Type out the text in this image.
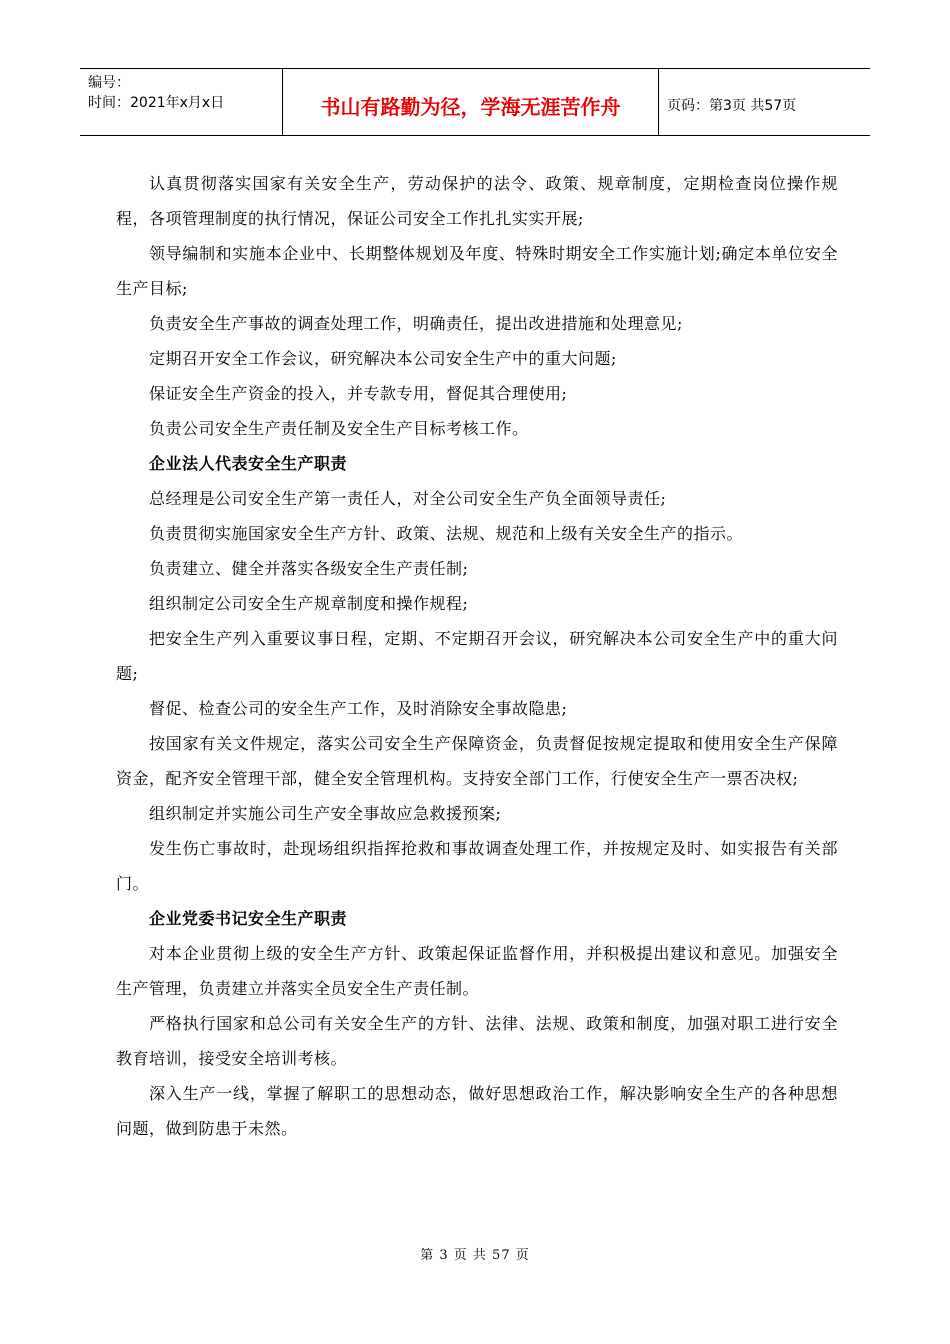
编号：
时间：2021年x月x日	书山有路勤为径，学海无涯苦作舟	页码：第3页 共57页

认真贯彻落实国家有关安全生产，劳动保护的法令、政策、规章制度，定期检查岗位操作规程，各项管理制度的执行情况，保证公司安全工作扎扎实实开展;

领导编制和实施本企业中、长期整体规划及年度、特殊时期安全工作实施计划;确定本单位安全生产目标;

负责安全生产事故的调查处理工作，明确责任，提出改进措施和处理意见;

定期召开安全工作会议，研究解决本公司安全生产中的重大问题;

保证安全生产资金的投入，并专款专用，督促其合理使用;

负责公司安全生产责任制及安全生产目标考核工作。

企业法人代表安全生产职责

总经理是公司安全生产第一责任人，对全公司安全生产负全面领导责任;

负责贯彻实施国家安全生产方针、政策、法规、规范和上级有关安全生产的指示。

负责建立、健全并落实各级安全生产责任制;

组织制定公司安全生产规章制度和操作规程;

把安全生产列入重要议事日程，定期、不定期召开会议，研究解决本公司安全生产中的重大问题;

督促、检查公司的安全生产工作，及时消除安全事故隐患;

按国家有关文件规定，落实公司安全生产保障资金，负责督促按规定提取和使用安全生产保障资金，配齐安全管理干部，健全安全管理机构。支持安全部门工作，行使安全生产一票否决权;

组织制定并实施公司生产安全事故应急救援预案;

发生伤亡事故时，赴现场组织指挥抢救和事故调查处理工作，并按规定及时、如实报告有关部门。

企业党委书记安全生产职责

对本企业贯彻上级的安全生产方针、政策起保证监督作用，并积极提出建议和意见。加强安全生产管理，负责建立并落实全员安全生产责任制。

严格执行国家和总公司有关安全生产的方针、法律、法规、政策和制度，加强对职工进行安全教育培训，接受安全培训考核。

深入生产一线，掌握了解职工的思想动态，做好思想政治工作，解决影响安全生产的各种思想问题，做到防患于未然。

第 3 页 共 57 页
